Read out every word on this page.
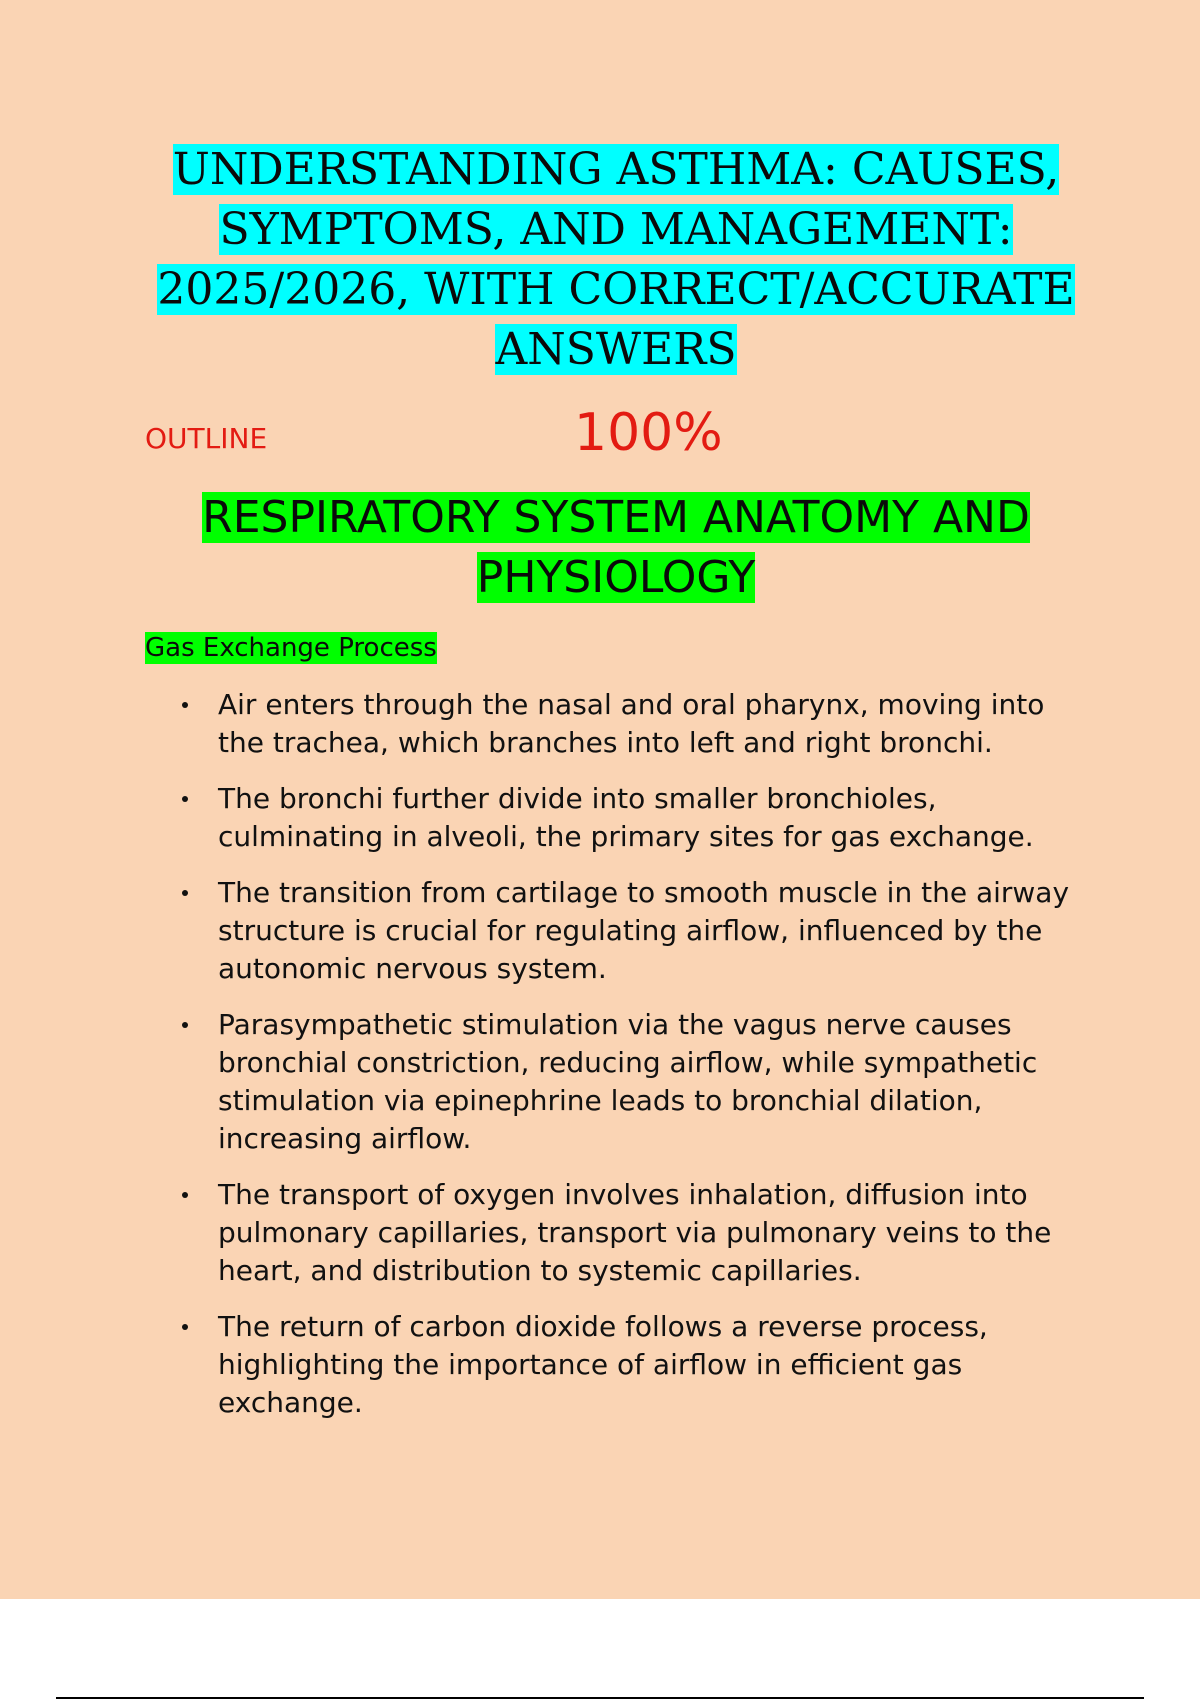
UNDERSTANDING ASTHMA: CAUSES,
SYMPTOMS, AND MANAGEMENT:
2025/2026, WITH CORRECT/ACCURATE
ANSWERS
OUTLINE	100%
RESPIRATORY SYSTEM ANATOMY AND
PHYSIOLOGY
Gas Exchange Process
Air enters through the nasal and oral pharynx, moving into the trachea, which branches into left and right bronchi.
The bronchi further divide into smaller bronchioles, culminating in alveoli, the primary sites for gas exchange.
The transition from cartilage to smooth muscle in the airway structure is crucial for regulating airflow, influenced by the autonomic nervous system.
Parasympathetic stimulation via the vagus nerve causes bronchial constriction, reducing airflow, while sympathetic stimulation via epinephrine leads to bronchial dilation, increasing airflow.
The transport of oxygen involves inhalation, diffusion into pulmonary capillaries, transport via pulmonary veins to the heart, and distribution to systemic capillaries.
The return of carbon dioxide follows a reverse process, highlighting the importance of airflow in efficient gas exchange.
